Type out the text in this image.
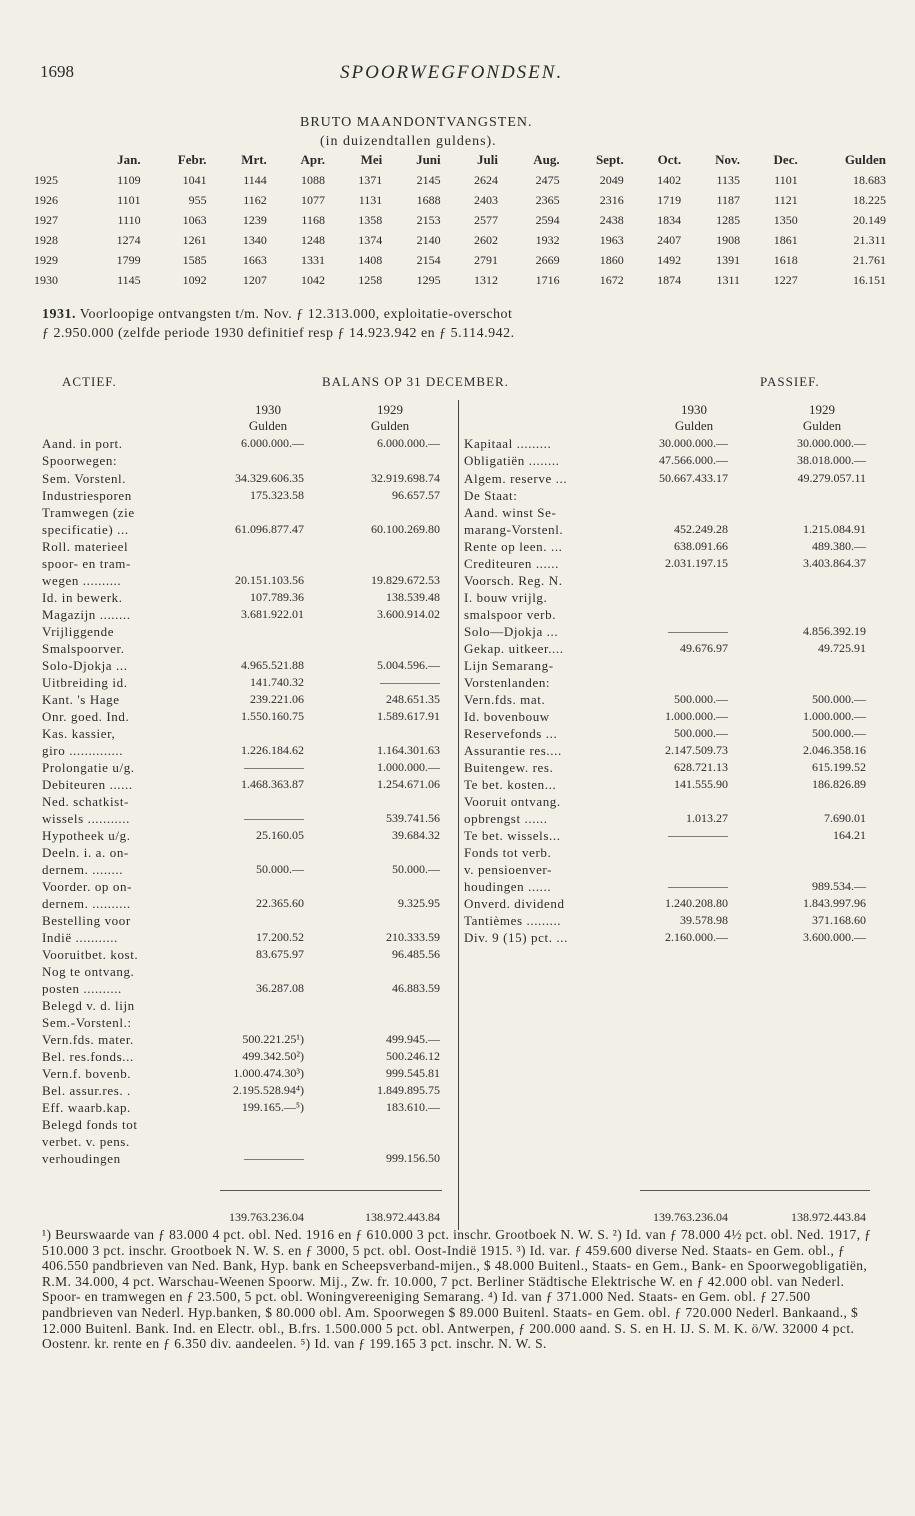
1698	SPOORWEGFONDSEN.
BRUTO MAANDONTVANGSTEN.
(in duizendtallen guldens).
	Jan.	Febr.	Mrt.	Apr.	Mei	Juni	Juli	Aug.	Sept.	Oct.	Nov.	Dec.	Gulden
1925	1109	1041	1144	1088	1371	2145	2624	2475	2049	1402	1135	1101	18.683
1926	1101	955	1162	1077	1131	1688	2403	2365	2316	1719	1187	1121	18.225
1927	1110	1063	1239	1168	1358	2153	2577	2594	2438	1834	1285	1350	20.149
1928	1274	1261	1340	1248	1374	2140	2602	1932	1963	2407	1908	1861	21.311
1929	1799	1585	1663	1331	1408	2154	2791	2669	1860	1492	1391	1618	21.761
1930	1145	1092	1207	1042	1258	1295	1312	1716	1672	1874	1311	1227	16.151
1931. Voorloopige ontvangsten t/m. Nov. ƒ 12.313.000, exploitatie-overschot
ƒ 2.950.000 (zelfde periode 1930 definitief resp ƒ 14.923.942 en ƒ 5.114.942.
ACTIEF.	BALANS OP 31 DECEMBER.	PASSIEF.
1930	1929
Gulden	Gulden
1930	1929
Gulden	Gulden
Aand. in port.	6.000.000.—	6.000.000.—
Spoorwegen:
Sem. Vorstenl.	34.329.606.35	32.919.698.74
Industriesporen	175.323.58	96.657.57
Tramwegen (zie
specificatie) ...	61.096.877.47	60.100.269.80
Roll. materieel
spoor- en tram-
wegen ..........	20.151.103.56	19.829.672.53
Id. in bewerk.	107.789.36	138.539.48
Magazijn ........	3.681.922.01	3.600.914.02
Vrijliggende
Smalspoorver.
Solo-Djokja ...	4.965.521.88	5.004.596.—
Uitbreiding id.	141.740.32	—————
Kant. 's Hage	239.221.06	248.651.35
Onr. goed. Ind.	1.550.160.75	1.589.617.91
Kas. kassier,
giro ..............	1.226.184.62	1.164.301.63
Prolongatie u/g.	—————	1.000.000.—
Debiteuren ......	1.468.363.87	1.254.671.06
Ned. schatkist-
wissels ...........	—————	539.741.56
Hypotheek u/g.	25.160.05	39.684.32
Deeln. i. a. on-
dernem. ........	50.000.—	50.000.—
Voorder. op on-
dernem. ..........	22.365.60	9.325.95
Bestelling voor
Indië ...........	17.200.52	210.333.59
Vooruitbet. kost.	83.675.97	96.485.56
Nog te ontvang.
posten ..........	36.287.08	46.883.59
Belegd v. d. lijn
Sem.-Vorstenl.:
Vern.fds. mater.	500.221.25¹)	499.945.—
Bel. res.fonds...	499.342.50²)	500.246.12
Vern.f. bovenb.	1.000.474.30³)	999.545.81
Bel. assur.res. .	2.195.528.94⁴)	1.849.895.75
Eff. waarb.kap.	199.165.—⁵)	183.610.—
Belegd fonds tot
verbet. v. pens.
verhoudingen	—————	999.156.50
Kapitaal .........	30.000.000.—	30.000.000.—
Obligatiën ........	47.566.000.—	38.018.000.—
Algem. reserve ...	50.667.433.17	49.279.057.11
De Staat:
Aand. winst Se-
marang-Vorstenl.	452.249.28	1.215.084.91
Rente op leen. ...	638.091.66	489.380.—
Crediteuren ......	2.031.197.15	3.403.864.37
Voorsch. Reg. N.
I. bouw vrijlg.
smalspoor verb.
Solo—Djokja ...	—————	4.856.392.19
Gekap. uitkeer....	49.676.97	49.725.91
Lijn Semarang-
Vorstenlanden:
Vern.fds. mat.	500.000.—	500.000.—
Id. bovenbouw	1.000.000.—	1.000.000.—
Reservefonds ...	500.000.—	500.000.—
Assurantie res....	2.147.509.73	2.046.358.16
Buitengew. res.	628.721.13	615.199.52
Te bet. kosten...	141.555.90	186.826.89
Vooruit ontvang.
opbrengst ......	1.013.27	7.690.01
Te bet. wissels...	—————	164.21
Fonds tot verb.
v. pensioenver-
houdingen ......	—————	989.534.—
Onverd. dividend	1.240.208.80	1.843.997.96
Tantièmes .........	39.578.98	371.168.60
Div. 9 (15) pct. ...	2.160.000.—	3.600.000.—
139.763.236.04	138.972.443.84	139.763.236.04	138.972.443.84
¹) Beurswaarde van ƒ 83.000 4 pct. obl. Ned. 1916 en ƒ 610.000 3 pct. inschr. Grootboek N. W. S. ²) Id. van ƒ 78.000 4½ pct. obl. Ned. 1917, ƒ 510.000 3 pct. inschr. Grootboek N. W. S. en ƒ 3000, 5 pct. obl. Oost-Indië 1915. ³) Id. var. ƒ 459.600 diverse Ned. Staats- en Gem. obl., ƒ 406.550 pandbrieven van Ned. Bank, Hyp. bank en Scheepsverband-mijen., $ 48.000 Buitenl., Staats- en Gem., Bank- en Spoorwegobligatiën, R.M. 34.000, 4 pct. Warschau-Weenen Spoorw. Mij., Zw. fr. 10.000, 7 pct. Berliner Städtische Elektrische W. en ƒ 42.000 obl. van Nederl. Spoor- en tramwegen en ƒ 23.500, 5 pct. obl. Woningvereeniging Semarang. ⁴) Id. van ƒ 371.000 Ned. Staats- en Gem. obl. ƒ 27.500 pandbrieven van Nederl. Hyp.banken, $ 80.000 obl. Am. Spoorwegen $ 89.000 Buitenl. Staats- en Gem. obl. ƒ 720.000 Nederl. Bankaand., $ 12.000 Buitenl. Bank. Ind. en Electr. obl., B.frs. 1.500.000 5 pct. obl. Antwerpen, ƒ 200.000 aand. S. S. en H. IJ. S. M. K. ö/W. 32000 4 pct. Oostenr. kr. rente en ƒ 6.350 div. aandeelen. ⁵) Id. van ƒ 199.165 3 pct. inschr. N. W. S.
